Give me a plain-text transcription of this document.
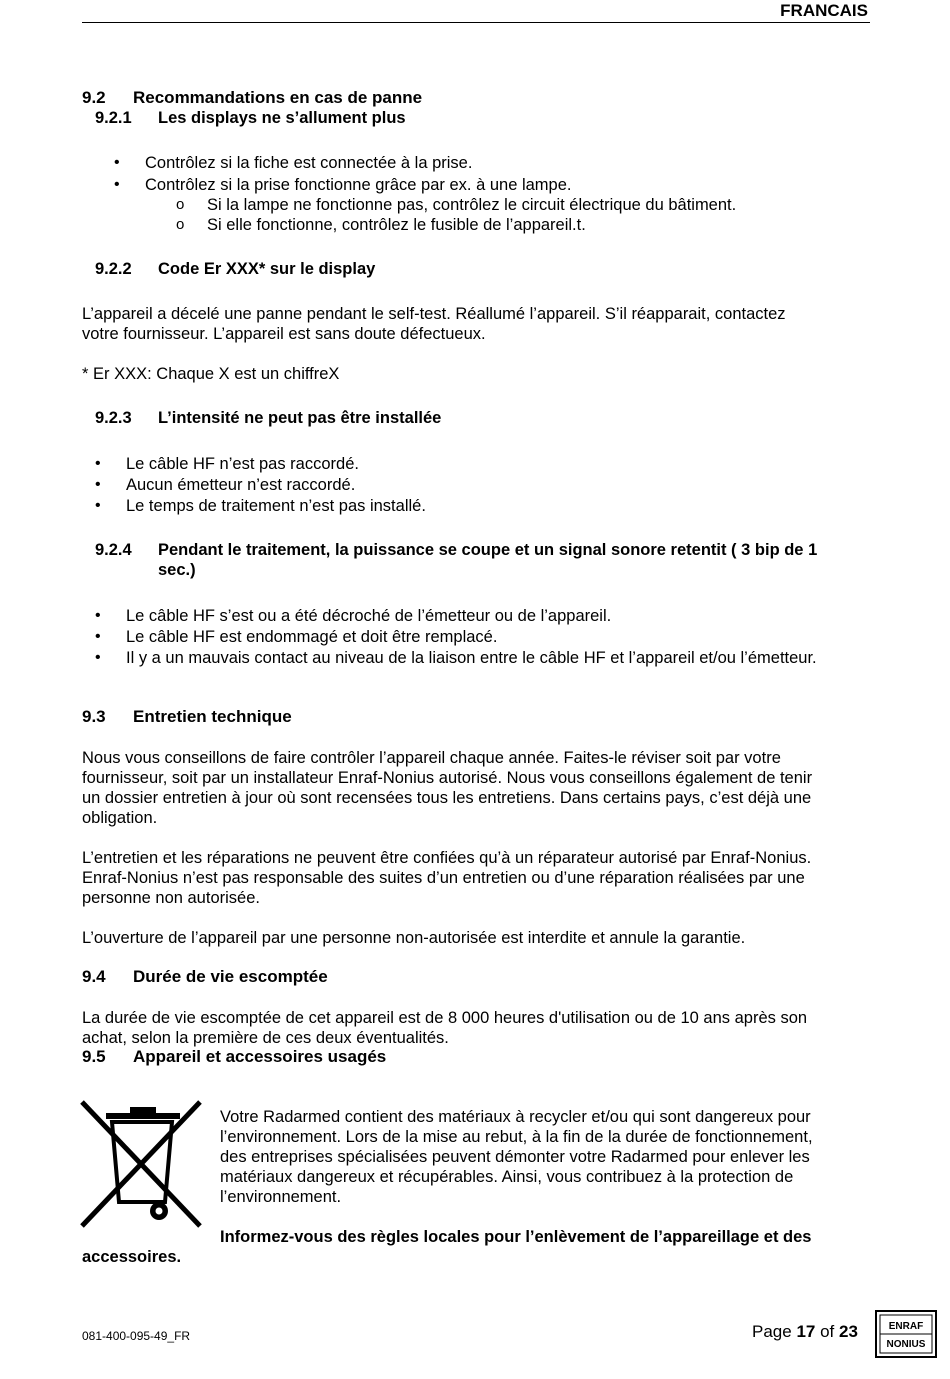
FRANCAIS
9.2 Recommandations en cas de panne
9.2.1 Les displays ne s’allument plus
• Contrôlez si la fiche est connectée à la prise.
• Contrôlez si la prise fonctionne grâce par ex. à une lampe.
o Si la lampe ne fonctionne pas, contrôlez le circuit électrique du bâtiment.
o Si elle fonctionne, contrôlez le fusible de l’appareil.t.
9.2.2 Code Er XXX* sur le display
L’appareil a décelé une panne pendant le self-test. Réallumé l’appareil. S’il réapparait, contactez
votre fournisseur. L’appareil est sans doute défectueux.
* Er XXX: Chaque X est un chiffreX
9.2.3 L’intensité ne peut pas être installée
• Le câble HF n’est pas raccordé.
• Aucun émetteur n’est raccordé.
• Le temps de traitement n’est pas installé.
9.2.4 Pendant le traitement, la puissance se coupe et un signal sonore retentit ( 3 bip de 1
sec.)
• Le câble HF s’est ou a été décroché de l’émetteur ou de l’appareil.
• Le câble HF est endommagé et doit être remplacé.
• Il y a un mauvais contact au niveau de la liaison entre le câble HF et l’appareil et/ou l’émetteur.
9.3 Entretien technique
Nous vous conseillons de faire contrôler l’appareil chaque année. Faites-le réviser soit par votre
fournisseur, soit par un installateur Enraf-Nonius autorisé. Nous vous conseillons également de tenir
un dossier entretien à jour où sont recensées tous les entretiens. Dans certains pays, c’est déjà une
obligation.
L’entretien et les réparations ne peuvent être confiées qu’à un réparateur autorisé par Enraf-Nonius.
Enraf-Nonius n’est pas responsable des suites d’un entretien ou d’une réparation réalisées par une
personne non autorisée.
L’ouverture de l’appareil par une personne non-autorisée est interdite et annule la garantie.
9.4 Durée de vie escomptée
La durée de vie escomptée de cet appareil est de 8 000 heures d'utilisation ou de 10 ans après son
achat, selon la première de ces deux éventualités.
9.5 Appareil et accessoires usagés
Votre Radarmed contient des matériaux à recycler et/ou qui sont dangereux pour
l’environnement. Lors de la mise au rebut, à la fin de la durée de fonctionnement,
des entreprises spécialisées peuvent démonter votre Radarmed pour enlever les
matériaux dangereux et récupérables. Ainsi, vous contribuez à la protection de
l’environnement.
Informez-vous des règles locales pour l’enlèvement de l’appareillage et des
accessoires.
081-400-095-49_FR	Page 17 of 23	ENRAF
NONIUS
